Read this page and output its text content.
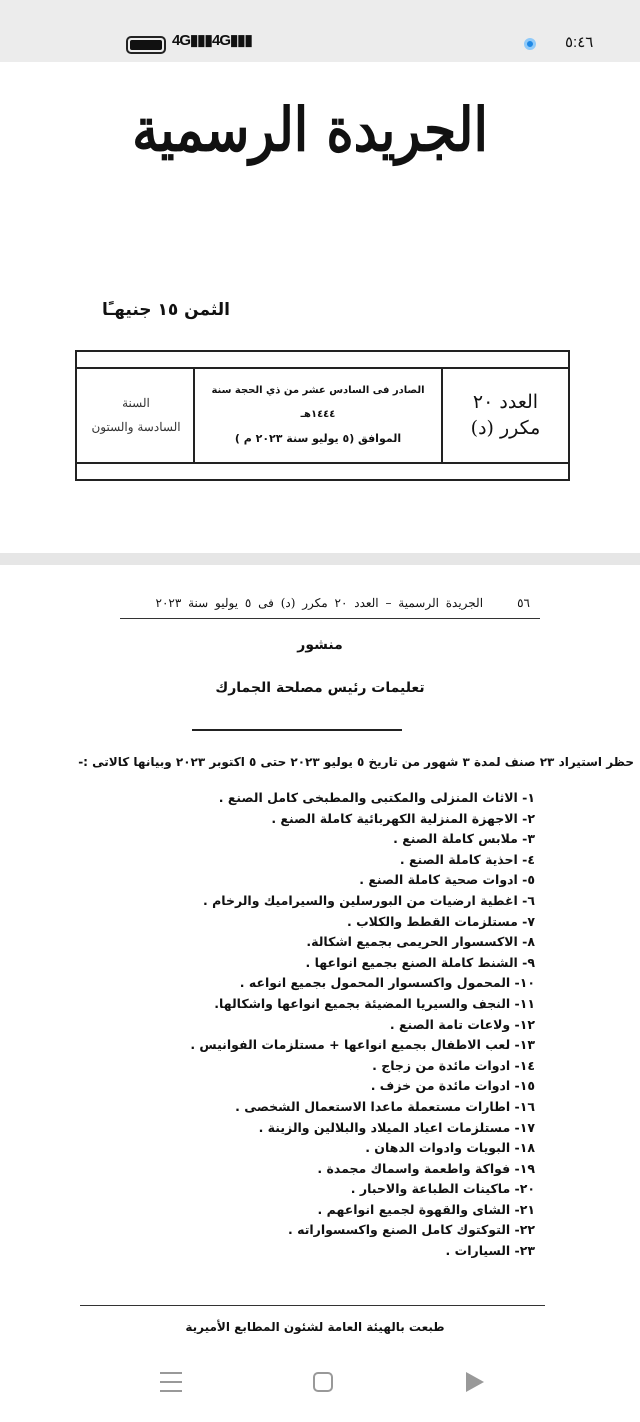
4G▮▮▮ 4G▮▮▮	٥:٤٦
الجريدة الرسمية
الثمن ١٥ جنيهـًا
العدد ٢٠
مكرر (د)
الصادر فى السادس عشر من ذي الحجة سنة ١٤٤٤هـ
الموافق (٥ يوليو سنة ٢٠٢٣ م )
السنة
السادسة والستون
٥٦     الجريدة الرسمية – العدد ٢٠ مكرر (د) فى ٥ يوليو سنة ٢٠٢٣
منشور
تعليمات رئيس مصلحة الجمارك
حظر استيراد ٢٣ صنف لمدة ٣ شهور من تاريخ ٥ يوليو ٢٠٢٣ حتى ٥ اكتوبر ٢٠٢٣ وبيانها كالاتى :-
١- الاثاث المنزلى والمكتبى والمطبخى كامل الصنع .
٢- الاجهزة المنزلية الكهربائية كاملة الصنع .
٣- ملابس كاملة الصنع .
٤- احذية كاملة الصنع .
٥- ادوات صحية كاملة الصنع .
٦- اغطية ارضيات من البورسلين والسيراميك والرخام .
٧- مستلزمات القطط والكلاب .
٨- الاكسسوار الحريمى بجميع اشكالة.
٩- الشنط كاملة الصنع بجميع انواعها .
١٠- المحمول واكسسوار المحمول بجميع انواعه .
١١- النجف والسيريا المضيئة بجميع انواعها واشكالها.
١٢- ولاعات تامة الصنع .
١٣- لعب الاطفال بجميع انواعها + مستلزمات الفوانيس .
١٤- ادوات مائدة من زجاج .
١٥- ادوات مائدة من خزف .
١٦- اطارات مستعملة ماعدا الاستعمال الشخصى .
١٧- مستلزمات اعياد الميلاد والبلالين والزينة .
١٨- البويات وادوات الدهان .
١٩- فواكة واطعمة واسماك مجمدة .
٢٠- ماكينات الطباعة والاحبار .
٢١- الشاى والقهوة لجميع انواعهم .
٢٢- التوكتوك كامل الصنع واكسسواراته .
٢٣- السيارات .
طبعت بالهيئة العامة لشئون المطابع الأميرية
